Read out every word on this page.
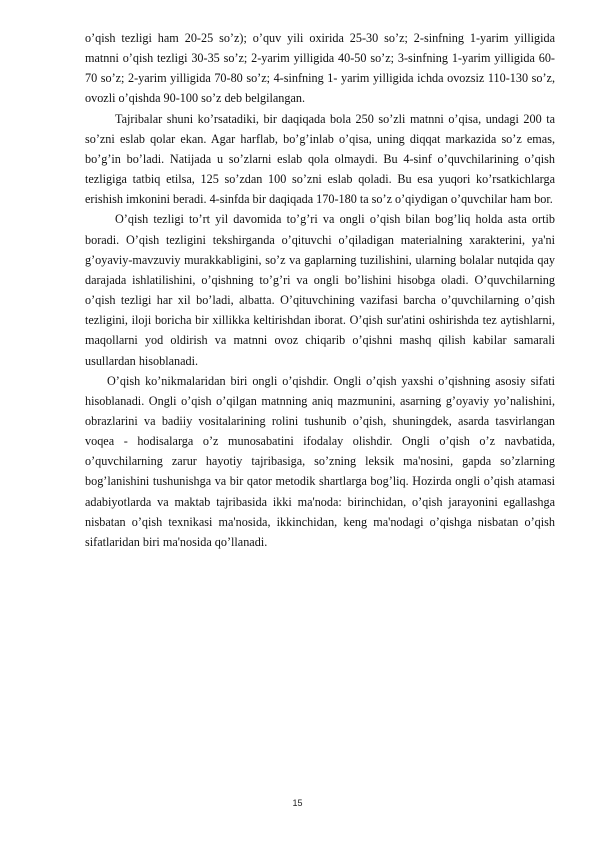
o’qish tezligi ham 20-25 so’z); o’quv yili oxirida 25-30 so’z; 2-sinfning 1-yarim yilligida matnni o’qish tezligi 30-35 so’z; 2-yarim yilligida 40-50 so’z; 3-sinfning 1-yarim yilligida 60-70 so’z; 2-yarim yilligida 70-80 so’z; 4-sinfning 1- yarim yilligida ichda ovozsiz 110-130 so’z, ovozli o’qishda 90-100 so’z deb belgilangan.

Tajribalar shuni ko’rsatadiki, bir daqiqada bola 250 so’zli matnni o’qisa, undagi 200 ta so’zni eslab qolar ekan. Agar harflab, bo’g’inlab o’qisa, uning diqqat markazida so’z emas, bo’g’in bo’ladi. Natijada u so’zlarni eslab qola olmaydi. Bu 4-sinf o’quvchilarining o’qish tezligiga tatbiq etilsa, 125 so’zdan 100 so’zni eslab qoladi. Bu esa yuqori ko’rsatkichlarga erishish imkonini beradi. 4-sinfda bir daqiqada 170-180 ta so’z o’qiydigan o’quvchilar ham bor.

O’qish tezligi to’rt yil davomida to’g’ri va ongli o’qish bilan bog’liq holda asta ortib boradi. O’qish tezligini tekshirganda o’qituvchi o’qiladigan materialning xarakterini, ya'ni g’oyaviy-mavzuviy murakkabligini, so’z va gaplarning tuzilishini, ularning bolalar nutqida qay darajada ishlatilishini, o’qishning to’g’ri va ongli bo’lishini hisobga oladi. O’quvchilarning o’qish tezligi har xil bo’ladi, albatta. O’qituvchining vazifasi barcha o’quvchilarning o’qish tezligini, iloji boricha bir xillikka keltirishdan iborat. O’qish sur'atini oshirishda tez aytishlarni, maqollarni yod oldirish va matnni ovoz chiqarib o’qishni mashq qilish kabilar samarali usullardan hisoblanadi.

O’qish ko’nikmalaridan biri ongli o’qishdir. Ongli o’qish yaxshi o’qishning asosiy sifati hisoblanadi. Ongli o’qish o’qilgan matnning aniq mazmunini, asarning g’oyaviy yo’nalishini, obrazlarini va badiiy vositalarining rolini tushunib o’qish, shuningdek, asarda tasvirlangan voqea - hodisalarga o’z munosabatini ifodalay olishdir. Ongli o’qish o’z navbatida, o’quvchilarning zarur hayotiy tajribasiga, so’zning leksik ma'nosini, gapda so’zlarning bog’lanishini tushunishga va bir qator metodik shartlarga bog’liq. Hozirda ongli o’qish atamasi adabiyotlarda va maktab tajribasida ikki ma'noda: birinchidan, o’qish jarayonini egallashga nisbatan o’qish texnikasi ma'nosida, ikkinchidan, keng ma'nodagi o’qishga nisbatan o’qish sifatlaridan biri ma'nosida qo’llanadi.

15
